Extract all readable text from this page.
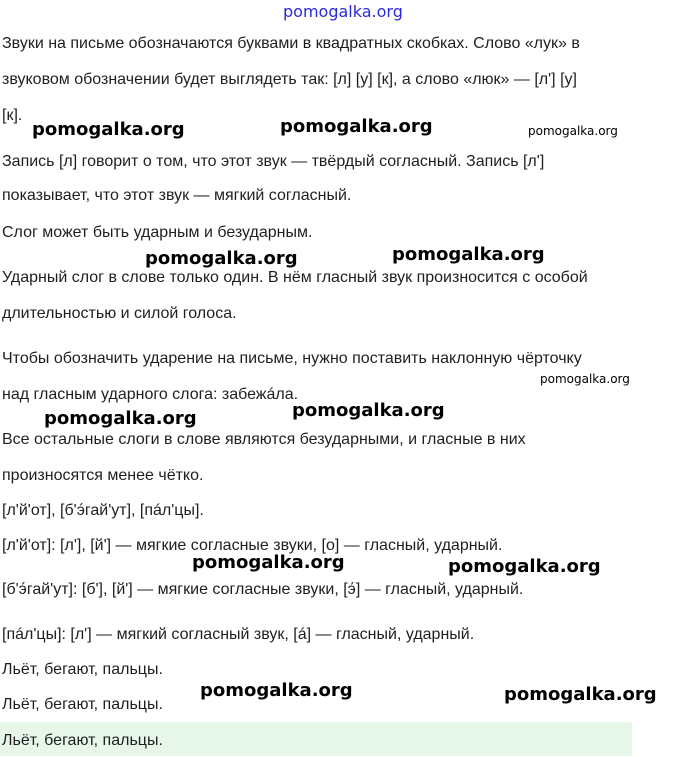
Звуки на письме обозначаются буквами в квадратных скобках. Слово «лук» в
звуковом обозначении будет выглядеть так: [л] [у] [к], а слово «люк» — [л'] [у]
[к].
Запись [л] говорит о том, что этот звук — твёрдый согласный. Запись [л']
показывает, что этот звук — мягкий согласный.
Слог может быть ударным и безударным.
Ударный слог в слове только один. В нём гласный звук произносится с особой
длительностью и силой голоса.
Чтобы обозначить ударение на письме, нужно поставить наклонную чёрточку
над гласным ударного слога: забежáла.
Все остальные слоги в слове являются безударными, и гласные в них
произносятся менее чётко.
[л'й'от], [б'э́гай'ут], [пáл'цы].
[л'й'от]: [л'], [й'] — мягкие согласные звуки, [о] — гласный, ударный.
[б'э́гай'ут]: [б'], [й'] — мягкие согласные звуки, [э́] — гласный, ударный.
[пáл'цы]: [л'] — мягкий согласный звук, [á] — гласный, ударный.
Льёт, бегают, пальцы.
Льёт, бегают, пальцы.
Льёт, бегают, пальцы.
pomogalka.org
pomogalka.org	pomogalka.org	pomogalka.org
pomogalka.org	pomogalka.org
pomogalka.org
pomogalka.org	pomogalka.org
pomogalka.org	pomogalka.org
pomogalka.org	pomogalka.org
